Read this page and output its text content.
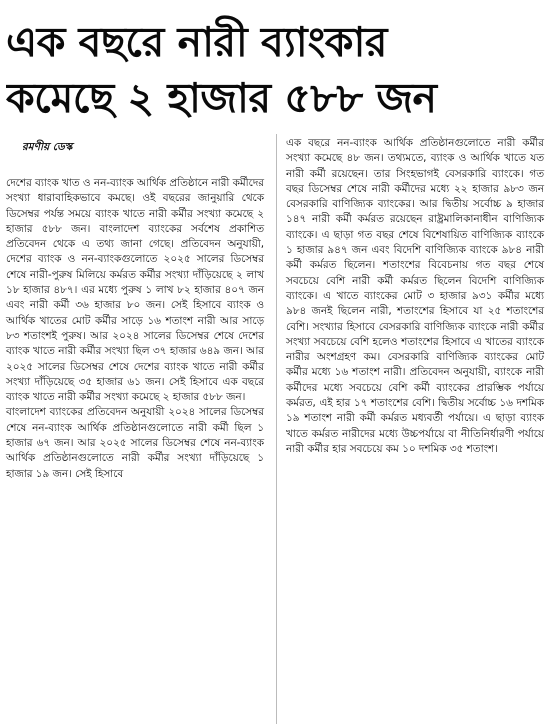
এক বছরে নারী ব্যাংকার
কমেছে ২ হাজার ৫৮৮ জন
রমণীয় ডেস্ক

দেশের ব্যাংক খাত ও নন-ব্যাংক আর্থিক প্রতিষ্ঠানে নারী কর্মীদের সংখ্যা ধারাবাহিকভাবে কমছে। ওই বছরের জানুয়ারি থেকে ডিসেম্বর পর্যন্ত সময়ে ব্যাংক খাতে নারী কর্মীর সংখ্যা কমেছে ২ হাজার ৫৮৮ জন। বাংলাদেশ ব্যাংকের সর্বশেষ প্রকাশিত প্রতিবেদন থেকে এ তথ্য জানা গেছে। প্রতিবেদন অনুযায়ী, দেশের ব্যাংক ও নন-ব্যাংকগুলোতে ২০২৫ সালের ডিসেম্বর শেষে নারী-পুরুষ মিলিয়ে কর্মরত কর্মীর সংখ্যা দাঁড়িয়েছে ২ লাখ ১৮ হাজার ৪৮৭। এর মধ্যে পুরুষ ১ লাখ ৮২ হাজার ৪০৭ জন এবং নারী কর্মী ৩৬ হাজার ৮০ জন। সেই হিসাবে ব্যাংক ও আর্থিক খাতের মোট কর্মীর সাড়ে ১৬ শতাংশ নারী আর সাড়ে ৮৩ শতাংশই পুরুষ। আর ২০২৪ সালের ডিসেম্বর শেষে দেশের ব্যাংক খাতে নারী কর্মীর সংখ্যা ছিল ৩৭ হাজার ৬৪৯ জন। আর ২০২৫ সালের ডিসেম্বর শেষে দেশের ব্যাংক খাতে নারী কর্মীর সংখ্যা দাঁড়িয়েছে ৩৫ হাজার ৬১ জন। সেই হিসাবে এক বছরে ব্যাংক খাতে নারী কর্মীর সংখ্যা কমেছে ২ হাজার ৫৮৮ জন।

বাংলাদেশ ব্যাংকের প্রতিবেদন অনুযায়ী ২০২৪ সালের ডিসেম্বর শেষে নন-ব্যাংক আর্থিক প্রতিষ্ঠানগুলোতে নারী কর্মী ছিল ১ হাজার ৬৭ জন। আর ২০২৫ সালের ডিসেম্বর শেষে নন-ব্যাংক আর্থিক প্রতিষ্ঠানগুলোতে নারী কর্মীর সংখ্যা দাঁড়িয়েছে ১ হাজার ১৯ জন। সেই হিসাবে

এক বছরে নন-ব্যাংক আর্থিক প্রতিষ্ঠানগুলোতে নারী কর্মীর সংখ্যা কমেছে ৪৮ জন। তথ্যমতে, ব্যাংক ও আর্থিক খাতে যত নারী কর্মী রয়েছেন। তার সিংহভাগই বেসরকারি ব্যাংকে। গত বছর ডিসেম্বর শেষে নারী কর্মীদের মধ্যে ২২ হাজার ৯৮৩ জন বেসরকারি বাণিজ্যিক ব্যাংকের। আর দ্বিতীয় সর্বোচ্চ ৯ হাজার ১৪৭ নারী কর্মী কর্মরত রয়েছেন রাষ্ট্রমালিকানাধীন বাণিজ্যিক ব্যাংকে। এ ছাড়া গত বছর শেষে বিশেষায়িত বাণিজ্যিক ব্যাংকে ১ হাজার ৯৪৭ জন এবং বিদেশি বাণিজ্যিক ব্যাংকে ৯৮৪ নারী কর্মী কর্মরত ছিলেন। শতাংশের বিবেচনায় গত বছর শেষে সবচেয়ে বেশি নারী কর্মী কর্মরত ছিলেন বিদেশি বাণিজ্যিক ব্যাংকে। এ খাতে ব্যাংকের মোট ৩ হাজার ৯৩১ কর্মীর মধ্যে ৯৮৪ জনই ছিলেন নারী, শতাংশের হিসাবে যা ২৫ শতাংশের বেশি। সংখ্যার হিসাবে বেসরকারি বাণিজ্যিক ব্যাংকে নারী কর্মীর সংখ্যা সবচেয়ে বেশি হলেও শতাংশের হিসাবে এ খাতের ব্যাংকে নারীর অংশগ্রহণ কম। বেসরকারি বাণিজ্যিক ব্যাংকের মোট কর্মীর মধ্যে ১৬ শতাংশ নারী। প্রতিবেদন অনুযায়ী, ব্যাংকে নারী কর্মীদের মধ্যে সবচেয়ে বেশি কর্মী ব্যাংকের প্রারম্ভিক পর্যায়ে কর্মরত, এই হার ১৭ শতাংশের বেশি। দ্বিতীয় সর্বোচ্চ ১৬ দশমিক ১৯ শতাংশ নারী কর্মী কর্মরত মধ্যবর্তী পর্যায়ে। এ ছাড়া ব্যাংক খাতে কর্মরত নারীদের মধ্যে উচ্চপর্যায়ে বা নীতিনির্ধারণী পর্যায়ে নারী কর্মীর হার সবচেয়ে কম ১০ দশমিক ৩৫ শতাংশ।
